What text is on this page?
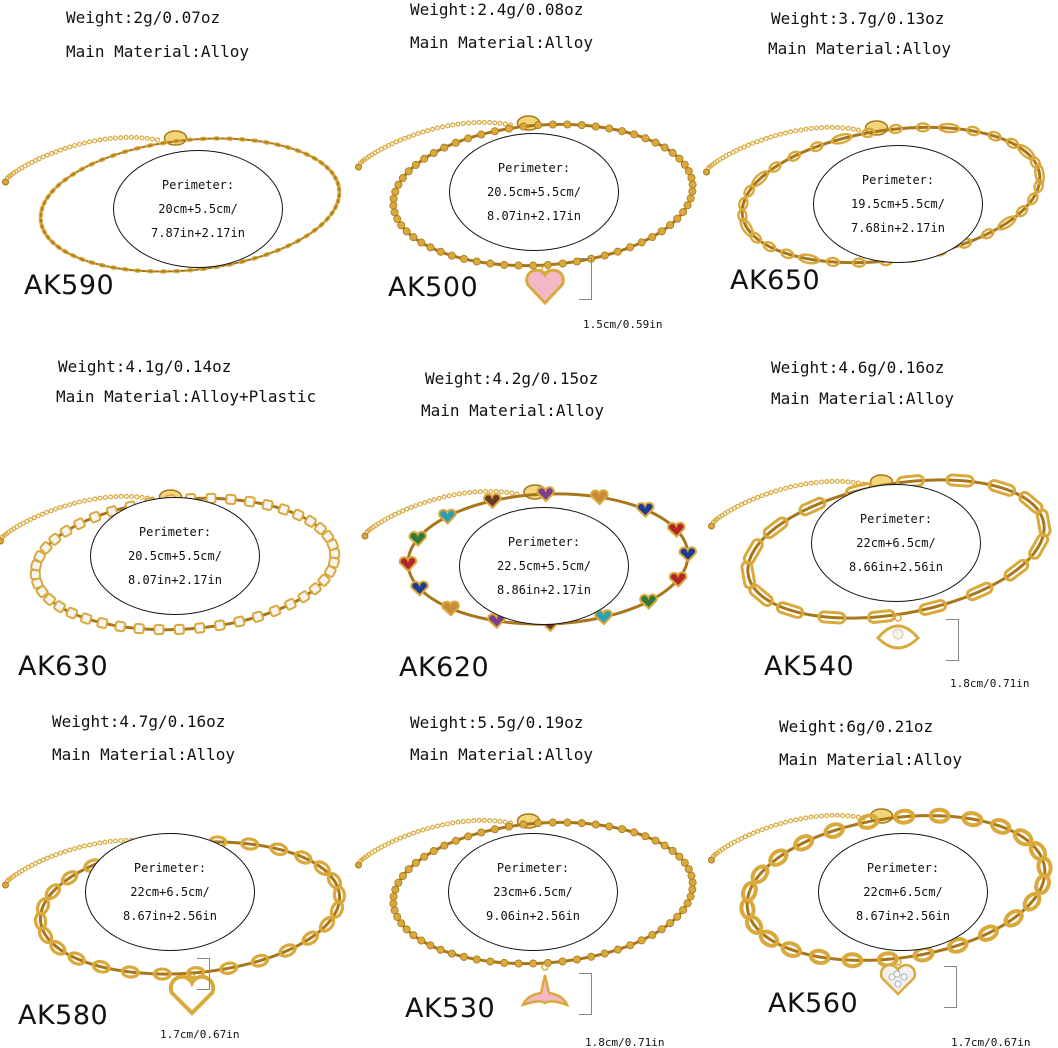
Weight:2g/0.07oz
Main Material:Alloy
Perimeter:
20cm+5.5cm/
7.87in+2.17in
AK590
Weight:2.4g/0.08oz
Main Material:Alloy
Perimeter:
20.5cm+5.5cm/
8.07in+2.17in
AK500
1.5cm/0.59in
Weight:3.7g/0.13oz
Main Material:Alloy
Perimeter:
19.5cm+5.5cm/
7.68in+2.17in
AK650
Weight:4.1g/0.14oz
Main Material:Alloy+Plastic
Perimeter:
20.5cm+5.5cm/
8.07in+2.17in
AK630
Weight:4.2g/0.15oz
Main Material:Alloy
Perimeter:
22.5cm+5.5cm/
8.86in+2.17in
AK620
Weight:4.6g/0.16oz
Main Material:Alloy
Perimeter:
22cm+6.5cm/
8.66in+2.56in
AK540
1.8cm/0.71in
Weight:4.7g/0.16oz
Main Material:Alloy
Perimeter:
22cm+6.5cm/
8.67in+2.56in
AK580
1.7cm/0.67in
Weight:5.5g/0.19oz
Main Material:Alloy
Perimeter:
23cm+6.5cm/
9.06in+2.56in
AK530
1.8cm/0.71in
Weight:6g/0.21oz
Main Material:Alloy
Perimeter:
22cm+6.5cm/
8.67in+2.56in
AK560
1.7cm/0.67in
